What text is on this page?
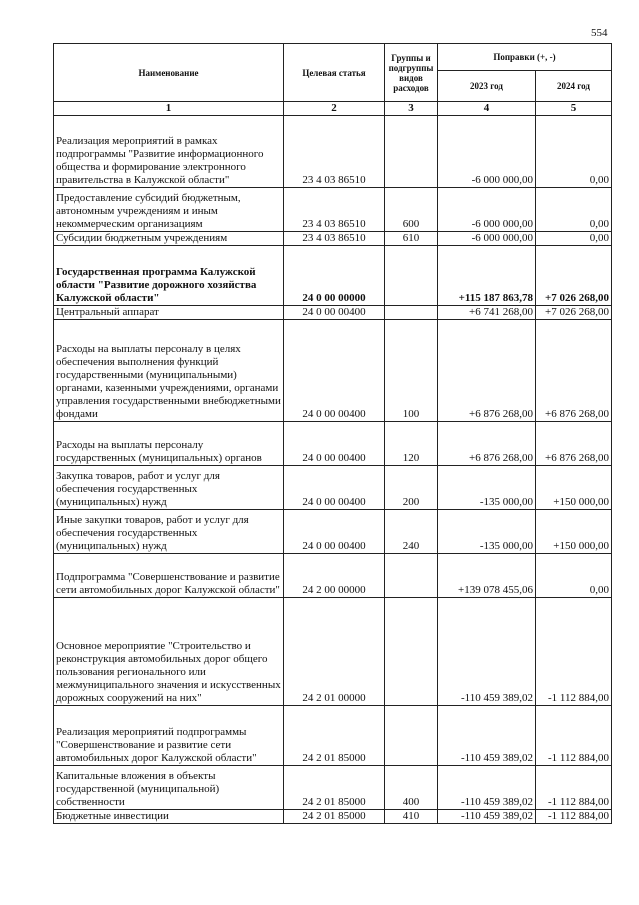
554
Наименование	Целевая статья	Группы и подгруппы видов расходов	Поправки (+, -)	
			2023 год	2024 год
1	2	3	4	5
Реализация мероприятий в рамках подпрограммы "Развитие информационного общества и формирование электронного правительства в Калужской области"	23 4 03 86510		-6 000 000,00	0,00
Предоставление субсидий бюджетным, автономным учреждениям и иным некоммерческим организациям	23 4 03 86510	600	-6 000 000,00	0,00
Субсидии бюджетным учреждениям	23 4 03 86510	610	-6 000 000,00	0,00
Государственная программа Калужской области "Развитие дорожного хозяйства Калужской области"	24 0 00 00000		+115 187 863,78	+7 026 268,00
Центральный аппарат	24 0 00 00400		+6 741 268,00	+7 026 268,00
Расходы на выплаты персоналу в целях обеспечения выполнения функций государственными (муниципальными) органами, казенными учреждениями, органами управления государственными внебюджетными фондами	24 0 00 00400	100	+6 876 268,00	+6 876 268,00
Расходы на выплаты персоналу государственных (муниципальных) органов	24 0 00 00400	120	+6 876 268,00	+6 876 268,00
Закупка товаров, работ и услуг для обеспечения государственных (муниципальных) нужд	24 0 00 00400	200	-135 000,00	+150 000,00
Иные закупки товаров, работ и услуг для обеспечения государственных (муниципальных) нужд	24 0 00 00400	240	-135 000,00	+150 000,00
Подпрограмма "Совершенствование и развитие сети автомобильных дорог Калужской области"	24 2 00 00000		+139 078 455,06	0,00
Основное мероприятие "Строительство и реконструкция автомобильных дорог общего пользования регионального или межмуниципального значения и искусственных дорожных сооружений на них"	24 2 01 00000		-110 459 389,02	-1 112 884,00
Реализация мероприятий подпрограммы "Совершенствование и развитие сети автомобильных дорог Калужской области"	24 2 01 85000		-110 459 389,02	-1 112 884,00
Капитальные вложения в объекты государственной (муниципальной) собственности	24 2 01 85000	400	-110 459 389,02	-1 112 884,00
Бюджетные инвестиции	24 2 01 85000	410	-110 459 389,02	-1 112 884,00
